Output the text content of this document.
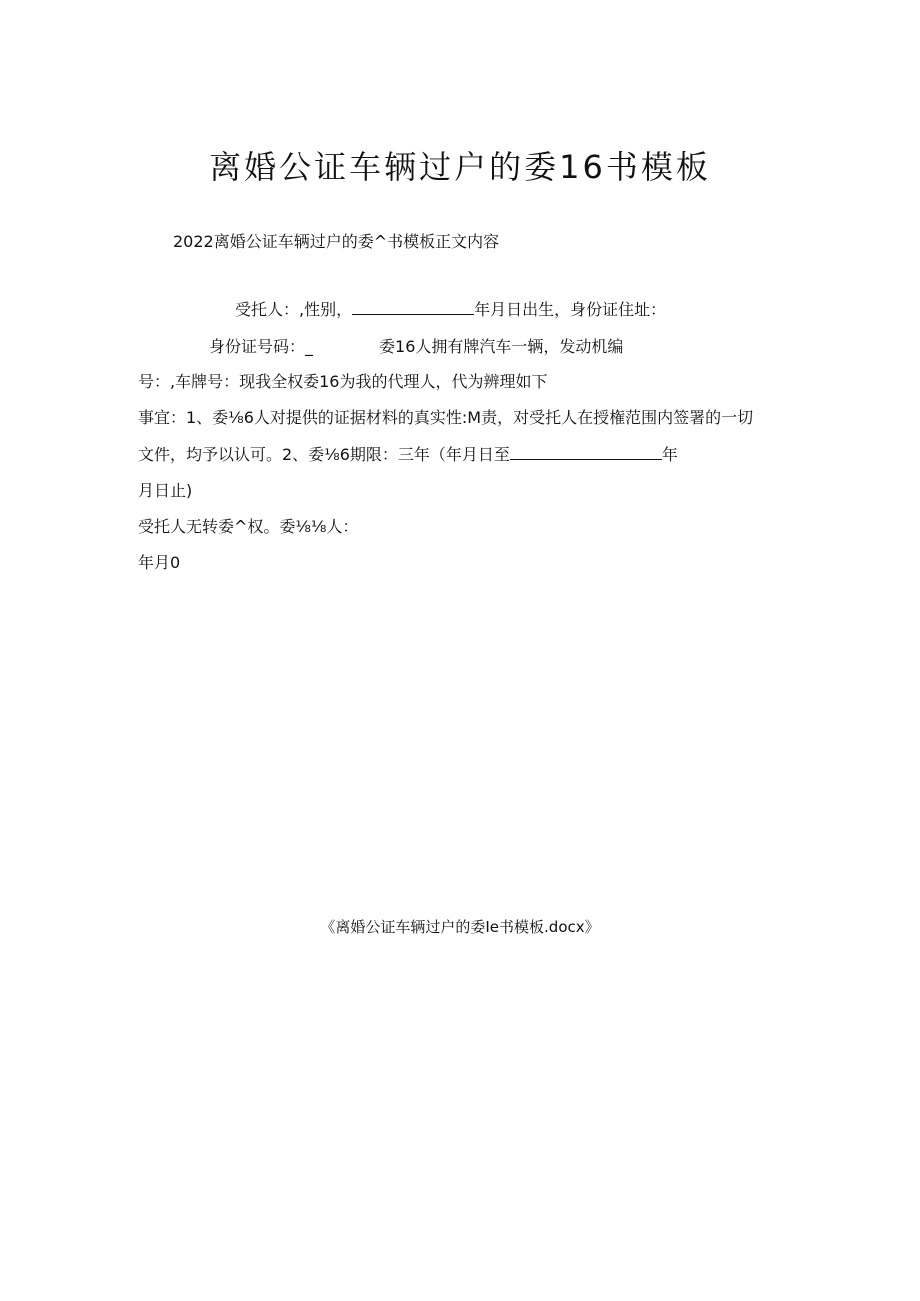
离婚公证车辆过户的委16书模板
2022离婚公证车辆过户的委^书模板正文内容
受托人：,性别，	年月日出生，身份证住址：
身份证号码：_	委16人拥有牌汽车一辆，发动机编
号：,车牌号：现我全权委16为我的代理人，代为辨理如下
事宜：1、委⅛6人对提供的证据材料的真实性:M责，对受托人在授権范围内签署的一切
文件，均予以认可。2、委⅛6期限：三年（年月日至	年
月日止)
受托人无转委^权。委⅛⅛人：
年月0
《离婚公证车辆过户的委Ie书模板.docx》
